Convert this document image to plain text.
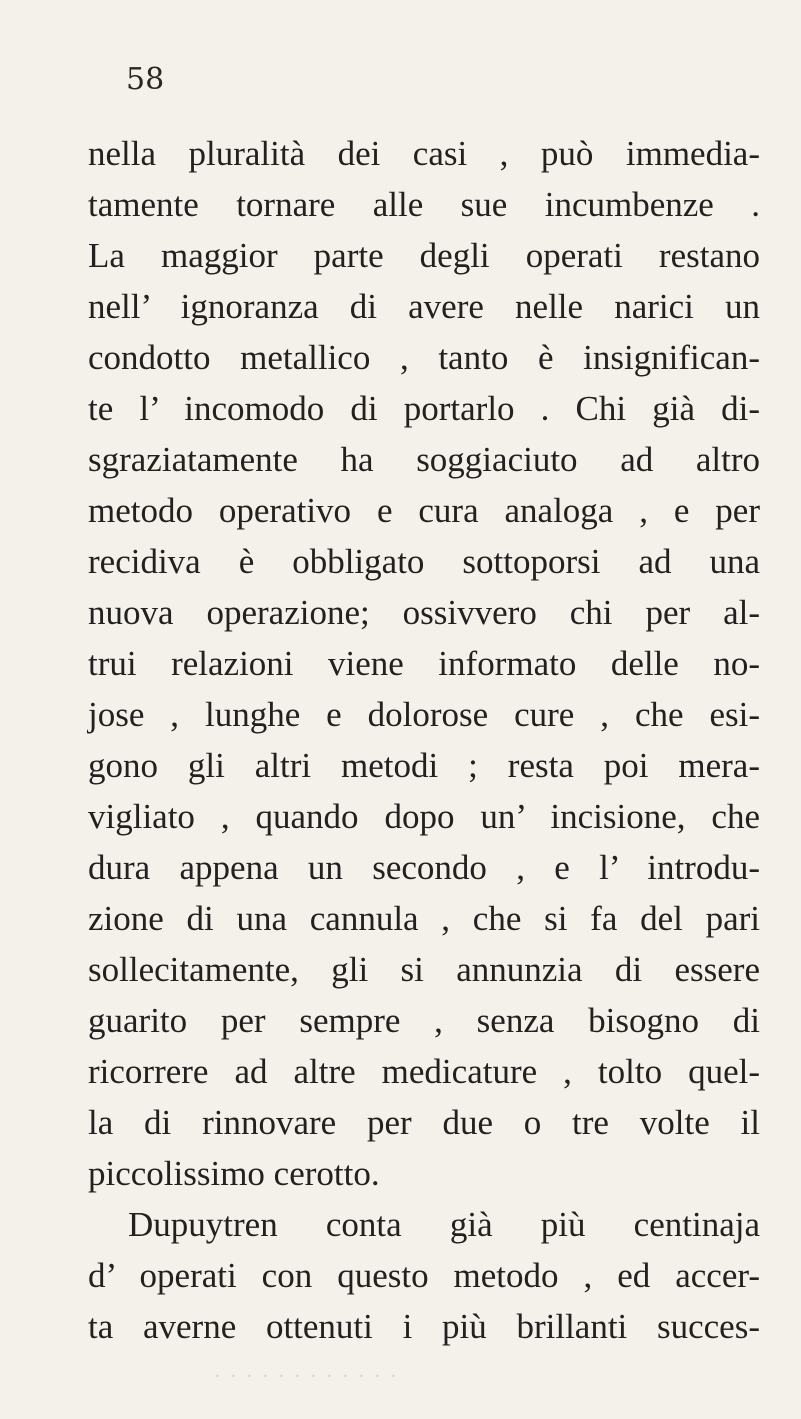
58
nella pluralità dei casi , può immedia-
tamente tornare alle sue incumbenze .
La maggior parte degli operati restano
nell’ ignoranza di avere nelle narici un
condotto metallico , tanto è insignifican-
te l’ incomodo di portarlo . Chi già di-
sgraziatamente ha soggiaciuto ad altro
metodo operativo e cura analoga , e per
recidiva è obbligato sottoporsi ad una
nuova operazione; ossivvero chi per al-
trui relazioni viene informato delle no-
jose , lunghe e dolorose cure , che esi-
gono gli altri metodi ; resta poi mera-
vigliato , quando dopo un’ incisione, che
dura appena un secondo , e l’ introdu-
zione di una cannula , che si fa del pari
sollecitamente, gli si annunzia di essere
guarito per sempre , senza bisogno di
ricorrere ad altre medicature , tolto quel-
la di rinnovare per due o tre volte il
piccolissimo cerotto.
Dupuytren conta già più centinaja
d’ operati con questo metodo , ed accer-
ta averne ottenuti i più brillanti succes-
. . . . . . . . . . . .
